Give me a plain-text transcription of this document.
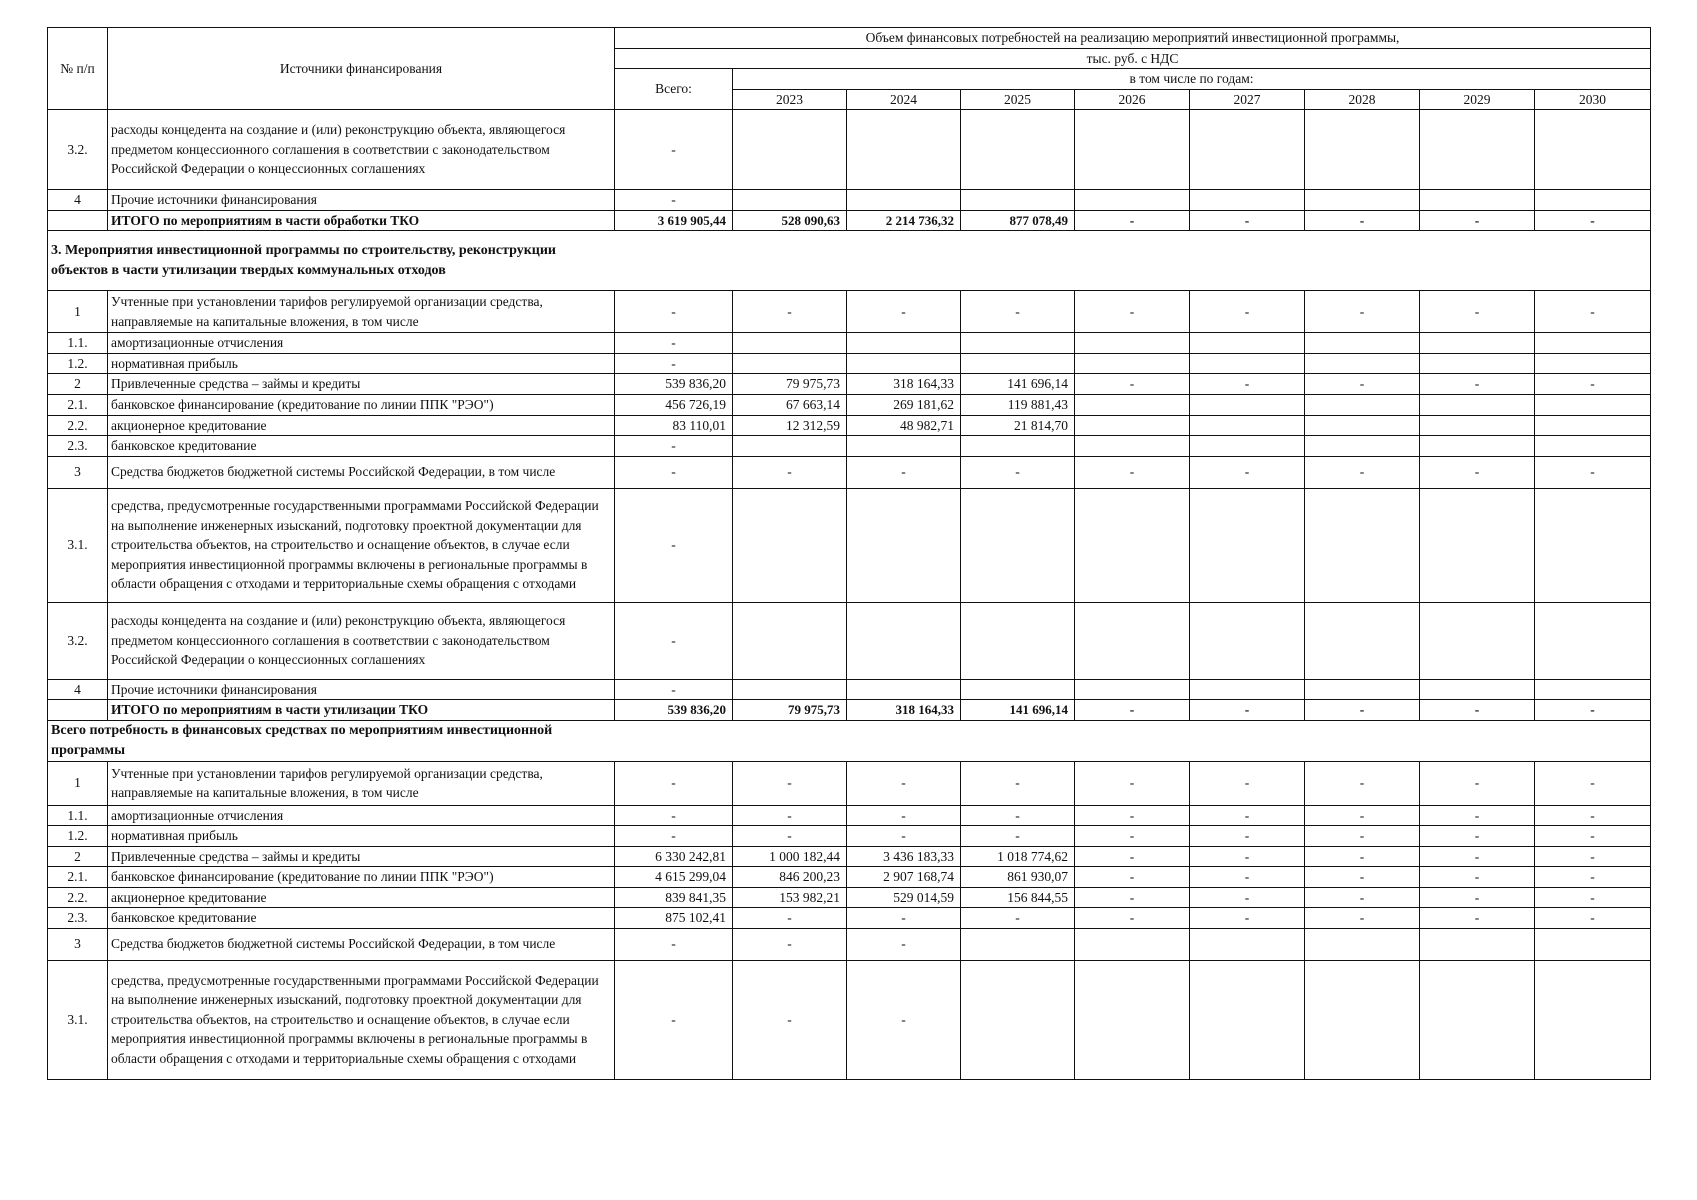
№ п/п	Источники финансирования	Объем финансовых потребностей на реализацию мероприятий инвестиционной программы,								
		тыс. руб. с НДС								
		Всего:	в том числе по годам:							
			2023	2024	2025	2026	2027	2028	2029	2030
3.2.	расходы концедента на создание и (или) реконструкцию объекта, являющегося предметом концессионного соглашения в соответствии с законодательством Российской Федерации о концессионных соглашениях	-								
4	Прочие источники финансирования	-								
	ИТОГО по мероприятиям в части обработки ТКО	3 619 905,44	528 090,63	2 214 736,32	877 078,49	-	-	-	-	-
3. Мероприятия инвестиционной программы по строительству, реконструкции объектов в части утилизации твердых коммунальных отходов										
1	Учтенные при установлении тарифов регулируемой организации средства, направляемые на капитальные вложения, в том числе	-	-	-	-	-	-	-	-	-
1.1.	амортизационные отчисления	-								
1.2.	нормативная прибыль	-								
2	Привлеченные средства – займы и кредиты	539 836,20	79 975,73	318 164,33	141 696,14	-	-	-	-	-
2.1.	банковское финансирование (кредитование по линии ППК "РЭО")	456 726,19	67 663,14	269 181,62	119 881,43					
2.2.	акционерное кредитование	83 110,01	12 312,59	48 982,71	21 814,70					
2.3.	банковское кредитование	-								
3	Средства бюджетов бюджетной системы Российской Федерации, в том числе	-	-	-	-	-	-	-	-	-
3.1.	средства, предусмотренные государственными программами Российской Федерации на выполнение инженерных изысканий, подготовку проектной документации для строительства объектов, на строительство и оснащение объектов, в случае если мероприятия инвестиционной программы включены в региональные программы в области обращения с отходами и территориальные схемы обращения с отходами	-								
3.2.	расходы концедента на создание и (или) реконструкцию объекта, являющегося предметом концессионного соглашения в соответствии с законодательством Российской Федерации о концессионных соглашениях	-								
4	Прочие источники финансирования	-								
	ИТОГО по мероприятиям в части утилизации ТКО	539 836,20	79 975,73	318 164,33	141 696,14	-	-	-	-	-
Всего потребность в финансовых средствах по мероприятиям инвестиционной программы										
1	Учтенные при установлении тарифов регулируемой организации средства, направляемые на капитальные вложения, в том числе	-	-	-	-	-	-	-	-	-
1.1.	амортизационные отчисления	-	-	-	-	-	-	-	-	-
1.2.	нормативная прибыль	-	-	-	-	-	-	-	-	-
2	Привлеченные средства – займы и кредиты	6 330 242,81	1 000 182,44	3 436 183,33	1 018 774,62	-	-	-	-	-
2.1.	банковское финансирование (кредитование по линии ППК "РЭО")	4 615 299,04	846 200,23	2 907 168,74	861 930,07	-	-	-	-	-
2.2.	акционерное кредитование	839 841,35	153 982,21	529 014,59	156 844,55	-	-	-	-	-
2.3.	банковское кредитование	875 102,41	-	-	-	-	-	-	-	-
3	Средства бюджетов бюджетной системы Российской Федерации, в том числе	-	-	-						
3.1.	средства, предусмотренные государственными программами Российской Федерации на выполнение инженерных изысканий, подготовку проектной документации для строительства объектов, на строительство и оснащение объектов, в случае если мероприятия инвестиционной программы включены в региональные программы в области обращения с отходами и территориальные схемы обращения с отходами	-	-	-						
